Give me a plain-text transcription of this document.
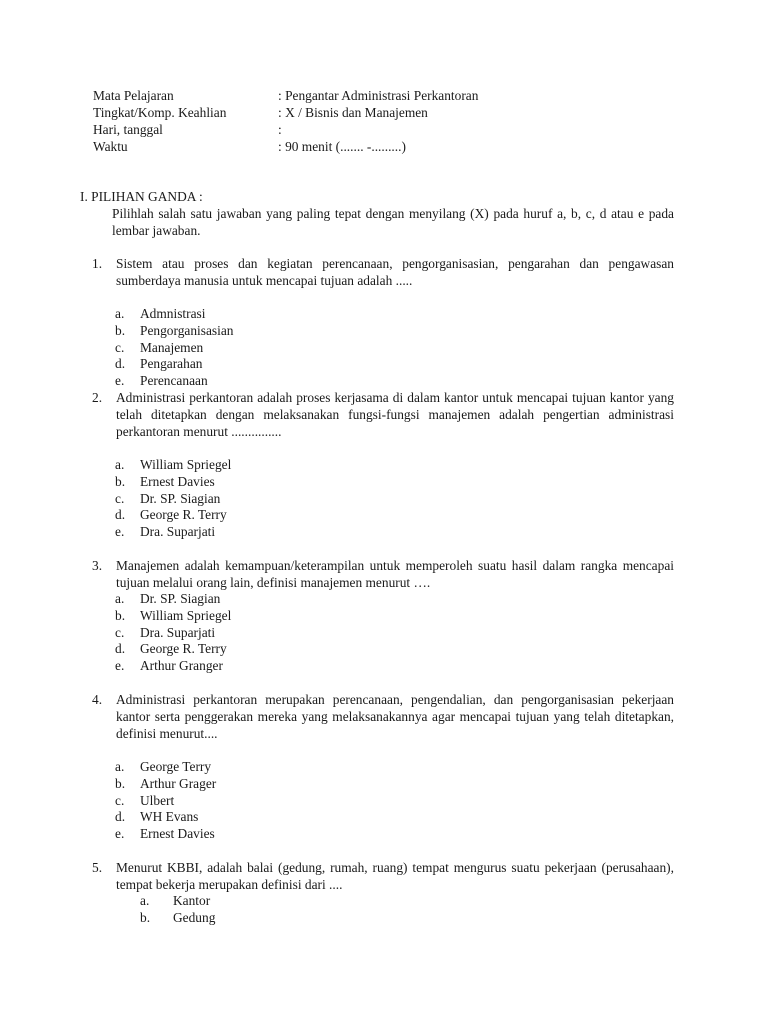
Mata Pelajaran	: Pengantar Administrasi Perkantoran
Tingkat/Komp. Keahlian	: X / Bisnis dan Manajemen
Hari, tanggal	:
Waktu	: 90 menit (....... -.........)
I. PILIHAN GANDA :
Pilihlah salah satu jawaban yang paling tepat dengan menyilang (X) pada huruf a, b, c, d atau e pada lembar jawaban.
1. Sistem atau proses dan kegiatan perencanaan, pengorganisasian, pengarahan dan pengawasan sumberdaya manusia untuk mencapai tujuan adalah .....
a. Admnistrasi
b. Pengorganisasian
c. Manajemen
d. Pengarahan
e. Perencanaan
2. Administrasi perkantoran adalah proses kerjasama di dalam kantor untuk mencapai tujuan kantor yang telah ditetapkan dengan melaksanakan fungsi-fungsi manajemen adalah pengertian administrasi perkantoran menurut ...............
a. William Spriegel
b. Ernest Davies
c. Dr. SP. Siagian
d. George R. Terry
e. Dra. Suparjati
3. Manajemen adalah kemampuan/keterampilan untuk memperoleh suatu hasil dalam rangka mencapai tujuan melalui orang lain, definisi manajemen menurut ….
a. Dr. SP. Siagian
b. William Spriegel
c. Dra. Suparjati
d. George R. Terry
e. Arthur Granger
4. Administrasi perkantoran merupakan perencanaan, pengendalian, dan pengorganisasian pekerjaan kantor serta penggerakan mereka yang melaksanakannya agar mencapai tujuan yang telah ditetapkan, definisi menurut....
a. George Terry
b. Arthur Grager
c. Ulbert
d. WH Evans
e. Ernest Davies
5. Menurut KBBI, adalah balai (gedung, rumah, ruang) tempat mengurus suatu pekerjaan (perusahaan), tempat bekerja merupakan definisi dari ....
a. Kantor
b. Gedung
